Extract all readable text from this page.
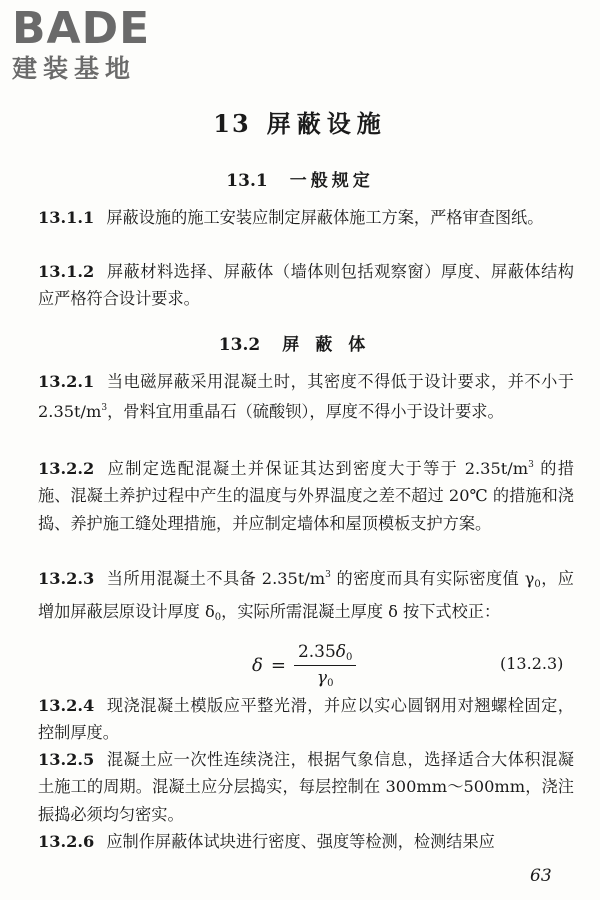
BADE
建装基地
13 屏蔽设施
13.1 一般规定
13.1.1 屏蔽设施的施工安装应制定屏蔽体施工方案，严格审查图纸。
13.1.2 屏蔽材料选择、屏蔽体（墙体则包括观察窗）厚度、屏蔽体结构应严格符合设计要求。
13.2 屏蔽体
13.2.1 当电磁屏蔽采用混凝土时，其密度不得低于设计要求，并不小于 $2.35t/m^3$，骨料宜用重晶石（硫酸钡），厚度不得小于设计要求。
13.2.2 应制定选配混凝土并保证其达到密度大于等于 $2.35t/m^3$ 的措施、混凝土养护过程中产生的温度与外界温度之差不超过 20℃ 的措施和浇捣、养护施工缝处理措施，并应制定墙体和屋顶模板支护方案。
13.2.3 当所用混凝土不具备 $2.35t/m^3$ 的密度而具有实际密度值 $\gamma_0$，应增加屏蔽层原设计厚度 $\delta_0$，实际所需混凝土厚度 δ 按下式校正：
$\delta = \frac{2.35\delta_0}{\gamma_0}$	(13.2.3)
13.2.4 现浇混凝土模版应平整光滑，并应以实心圆钢用对翘螺栓固定，控制厚度。
13.2.5 混凝土应一次性连续浇注，根据气象信息，选择适合大体积混凝土施工的周期。混凝土应分层捣实，每层控制在 300mm～500mm，浇注振捣必须均匀密实。
13.2.6 应制作屏蔽体试块进行密度、强度等检测，检测结果应
63
